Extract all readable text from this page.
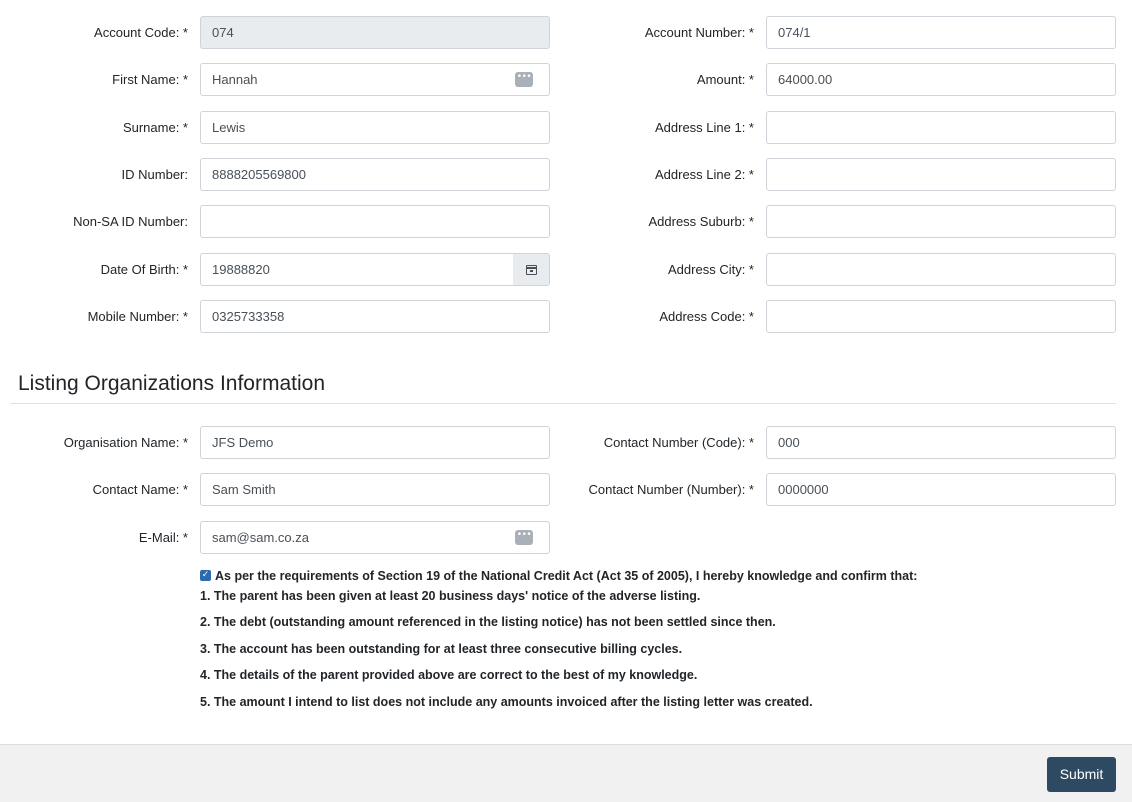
Account Code: *	074	Account Number: *	074/1
First Name: *	Hannah	•••	Amount: *	64000.00
Surname: *	Lewis	Address Line 1: *
ID Number:	8888205569800	Address Line 2: *
Non-SA ID Number:	Address Suburb: *
Date Of Birth: *	19888820	Address City: *
Mobile Number: *	0325733358	Address Code: *
Listing Organizations Information
Organisation Name: *	JFS Demo	Contact Number (Code): *	000
Contact Name: *	Sam Smith	Contact Number (Number): *	0000000
E-Mail: *	sam@sam.co.za	•••
✓ As per the requirements of Section 19 of the National Credit Act (Act 35 of 2005), I hereby knowledge and confirm that:
1. The parent has been given at least 20 business days' notice of the adverse listing.
2. The debt (outstanding amount referenced in the listing notice) has not been settled since then.
3. The account has been outstanding for at least three consecutive billing cycles.
4. The details of the parent provided above are correct to the best of my knowledge.
5. The amount I intend to list does not include any amounts invoiced after the listing letter was created.
Submit
